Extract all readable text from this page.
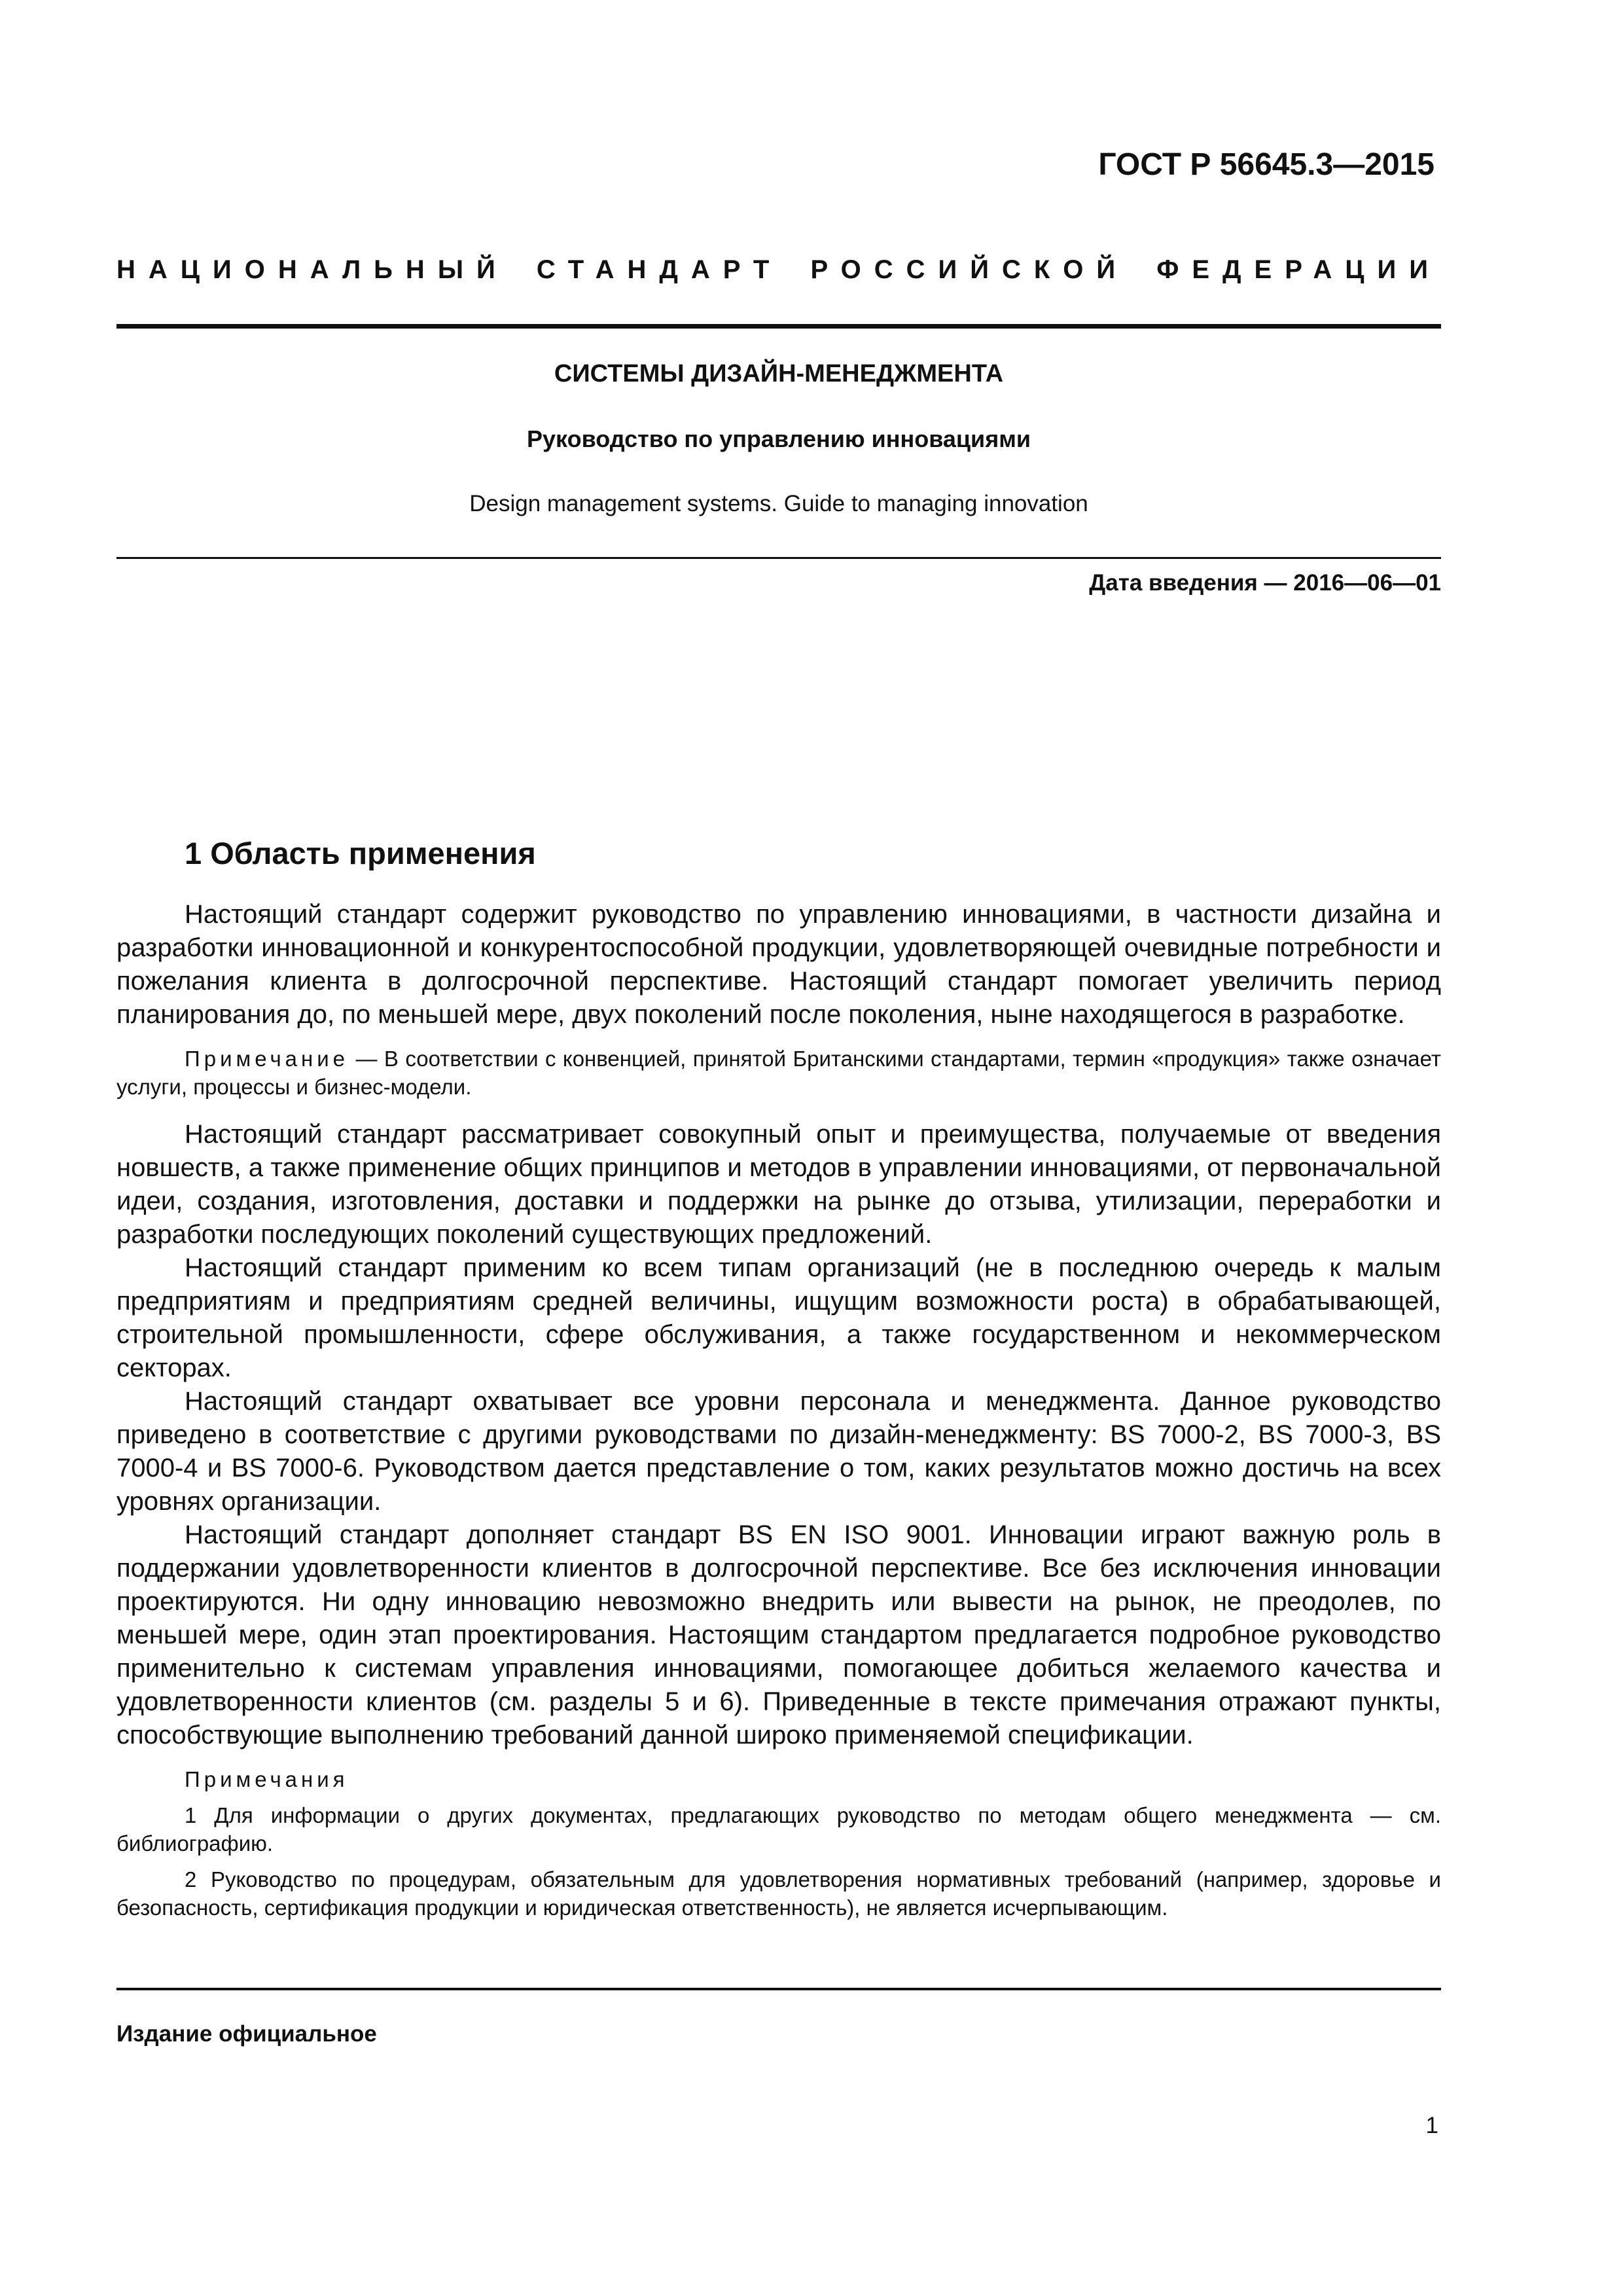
ГОСТ Р 56645.3—2015
НАЦИОНАЛЬНЫЙ СТАНДАРТ РОССИЙСКОЙ ФЕДЕРАЦИИ
СИСТЕМЫ ДИЗАЙН-МЕНЕДЖМЕНТА
Руководство по управлению инновациями
Design management systems. Guide to managing innovation
Дата введения — 2016—06—01
1 Область применения

Настоящий стандарт содержит руководство по управлению инновациями, в частности дизайна и разработки инновационной и конкурентоспособной продукции, удовлетворяющей очевидные потребности и пожелания клиента в долгосрочной перспективе. Настоящий стандарт помогает увеличить период планирования до, по меньшей мере, двух поколений после поколения, ныне находящегося в разработке.

Примечание — В соответствии с конвенцией, принятой Британскими стандартами, термин «продукция» также означает услуги, процессы и бизнес-модели.

Настоящий стандарт рассматривает совокупный опыт и преимущества, получаемые от введения новшеств, а также применение общих принципов и методов в управлении инновациями, от первоначальной идеи, создания, изготовления, доставки и поддержки на рынке до отзыва, утилизации, переработки и разработки последующих поколений существующих предложений.

Настоящий стандарт применим ко всем типам организаций (не в последнюю очередь к малым предприятиям и предприятиям средней величины, ищущим возможности роста) в обрабатывающей, строительной промышленности, сфере обслуживания, а также государственном и некоммерческом секторах.

Настоящий стандарт охватывает все уровни персонала и менеджмента. Данное руководство приведено в соответствие с другими руководствами по дизайн-менеджменту: BS 7000-2, BS 7000-3, BS 7000-4 и BS 7000-6. Руководством дается представление о том, каких результатов можно достичь на всех уровнях организации.

Настоящий стандарт дополняет стандарт BS EN ISO 9001. Инновации играют важную роль в поддержании удовлетворенности клиентов в долгосрочной перспективе. Все без исключения инновации проектируются. Ни одну инновацию невозможно внедрить или вывести на рынок, не преодолев, по меньшей мере, один этап проектирования. Настоящим стандартом предлагается подробное руководство применительно к системам управления инновациями, помогающее добиться желаемого качества и удовлетворенности клиентов (см. разделы 5 и 6). Приведенные в тексте примечания отражают пункты, способствующие выполнению требований данной широко применяемой спецификации.

Примечания

1 Для информации о других документах, предлагающих руководство по методам общего менеджмента — см. библиографию.

2 Руководство по процедурам, обязательным для удовлетворения нормативных требований (например, здоровье и безопасность, сертификация продукции и юридическая ответственность), не является исчерпывающим.

Издание официальное
1
